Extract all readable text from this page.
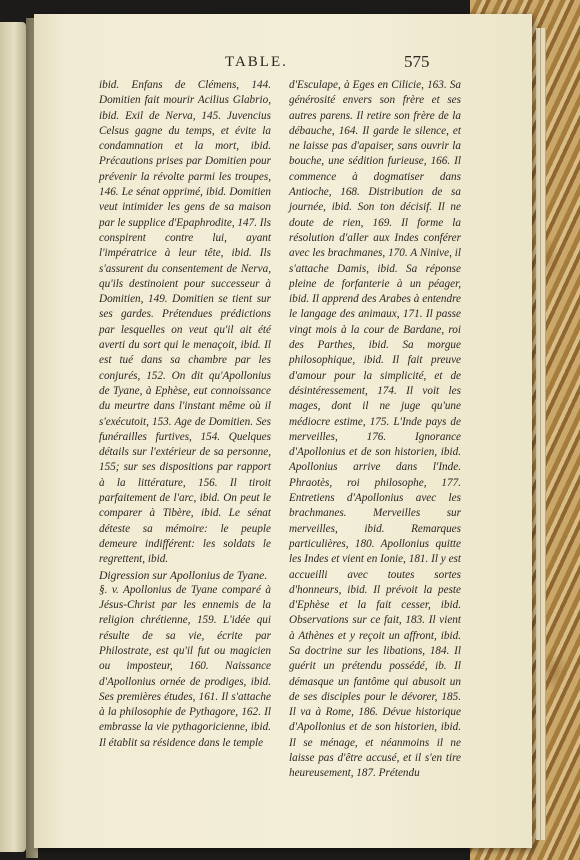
TABLE.	575

ibid. Enfans de Clémens, 144. Domitien fait mourir Acilius Glabrio, ibid. Exil de Nerva, 145. Juvencius Celsus gagne du temps, et évite la condamnation et la mort, ibid. Précautions prises par Domitien pour prévenir la révolte parmi les troupes, 146. Le sénat opprimé, ibid. Domitien veut intimider les gens de sa maison par le supplice d'Epaphrodite, 147. Ils conspirent contre lui, ayant l'impératrice à leur tête, ibid. Ils s'assurent du consentement de Nerva, qu'ils destinoient pour successeur à Domitien, 149. Domitien se tient sur ses gardes. Prétendues prédictions par lesquelles on veut qu'il ait été averti du sort qui le menaçoit, ibid. Il est tué dans sa chambre par les conjurés, 152. On dit qu'Apollonius de Tyane, à Ephèse, eut connoissance du meurtre dans l'instant même où il s'exécutoit, 153. Age de Domitien. Ses funérailles furtives, 154. Quelques détails sur l'extérieur de sa personne, 155; sur ses dispositions par rapport à la littérature, 156. Il tiroit parfaitement de l'arc, ibid. On peut le comparer à Tibère, ibid. Le sénat déteste sa mémoire: le peuple demeure indifférent: les soldats le regrettent, ibid.

Digression sur Apollonius de Tyane.

§. v. Apollonius de Tyane comparé à Jésus-Christ par les ennemis de la religion chrétienne, 159. L'idée qui résulte de sa vie, écrite par Philostrate, est qu'il fut ou magicien ou imposteur, 160. Naissance d'Apollonius ornée de prodiges, ibid. Ses premières études, 161. Il s'attache à la philosophie de Pythagore, 162. Il embrasse la vie pythagoricienne, ibid. Il établit sa résidence dans le temple

d'Esculape, à Eges en Cilicie, 163. Sa générosité envers son frère et ses autres parens. Il retire son frère de la débauche, 164. Il garde le silence, et ne laisse pas d'apaiser, sans ouvrir la bouche, une sédition furieuse, 166. Il commence à dogmatiser dans Antioche, 168. Distribution de sa journée, ibid. Son ton décisif. Il ne doute de rien, 169. Il forme la résolution d'aller aux Indes conférer avec les brachmanes, 170. A Ninive, il s'attache Damis, ibid. Sa réponse pleine de forfanterie à un péager, ibid. Il apprend des Arabes à entendre le langage des animaux, 171. Il passe vingt mois à la cour de Bardane, roi des Parthes, ibid. Sa morgue philosophique, ibid. Il fait preuve d'amour pour la simplicité, et de désintéressement, 174. Il voit les mages, dont il ne juge qu'une médiocre estime, 175. L'Inde pays de merveilles, 176. Ignorance d'Apollonius et de son historien, ibid. Apollonius arrive dans l'Inde. Phraotès, roi philosophe, 177. Entretiens d'Apollonius avec les brachmanes. Merveilles sur merveilles, ibid. Remarques particulières, 180. Apollonius quitte les Indes et vient en Ionie, 181. Il y est accueilli avec toutes sortes d'honneurs, ibid. Il prévoit la peste d'Ephèse et la fait cesser, ibid. Observations sur ce fait, 183. Il vient à Athènes et y reçoit un affront, ibid. Sa doctrine sur les libations, 184. Il guérit un prétendu possédé, ib. Il démasque un fantôme qui abusoit un de ses disciples pour le dévorer, 185. Il va à Rome, 186. Dévue historique d'Apollonius et de son historien, ibid. Il se ménage, et néanmoins il ne laisse pas d'être accusé, et il s'en tire heureusement, 187. Prétendu
